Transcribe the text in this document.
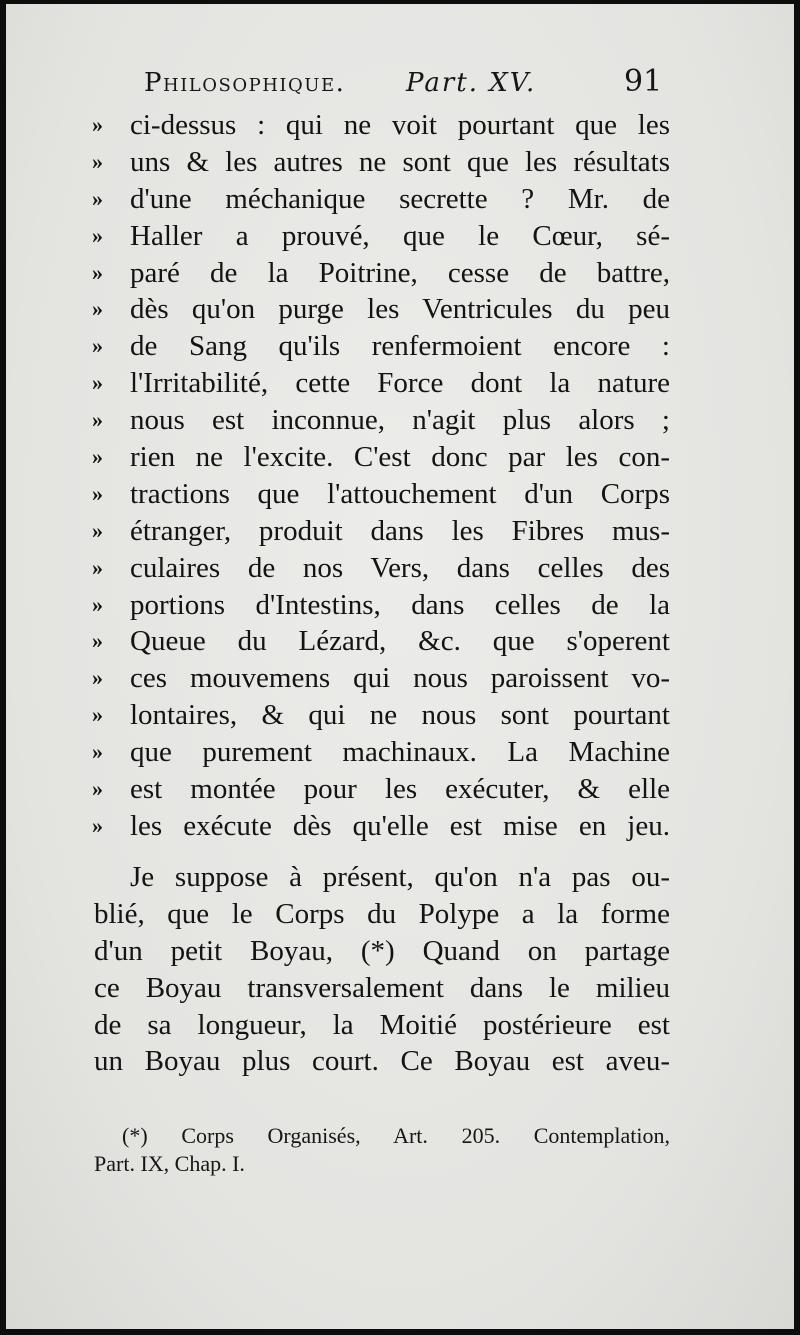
Philosophique. Part. XV.	91
» ci-dessus : qui ne voit pourtant que les
» uns & les autres ne sont que les résultats
» d'une méchanique secrette ? Mr. de
» Haller a prouvé, que le Cœur, sé-
» paré de la Poitrine, cesse de battre,
» dès qu'on purge les Ventricules du peu
» de Sang qu'ils renfermoient encore :
» l'Irritabilité, cette Force dont la nature
» nous est inconnue, n'agit plus alors ;
» rien ne l'excite. C'est donc par les con-
» tractions que l'attouchement d'un Corps
» étranger, produit dans les Fibres mus-
» culaires de nos Vers, dans celles des
» portions d'Intestins, dans celles de la
» Queue du Lézard, &c. que s'operent
» ces mouvemens qui nous paroissent vo-
» lontaires, & qui ne nous sont pourtant
» que purement machinaux. La Machine
» est montée pour les exécuter, & elle
» les exécute dès qu'elle est mise en jeu.
Je suppose à présent, qu'on n'a pas ou-
blié, que le Corps du Polype a la forme
d'un petit Boyau, (*) Quand on partage
ce Boyau transversalement dans le milieu
de sa longueur, la Moitié postérieure est
un Boyau plus court. Ce Boyau est aveu-
(*) Corps Organisés, Art. 205. Contemplation,
Part. IX, Chap. I.
